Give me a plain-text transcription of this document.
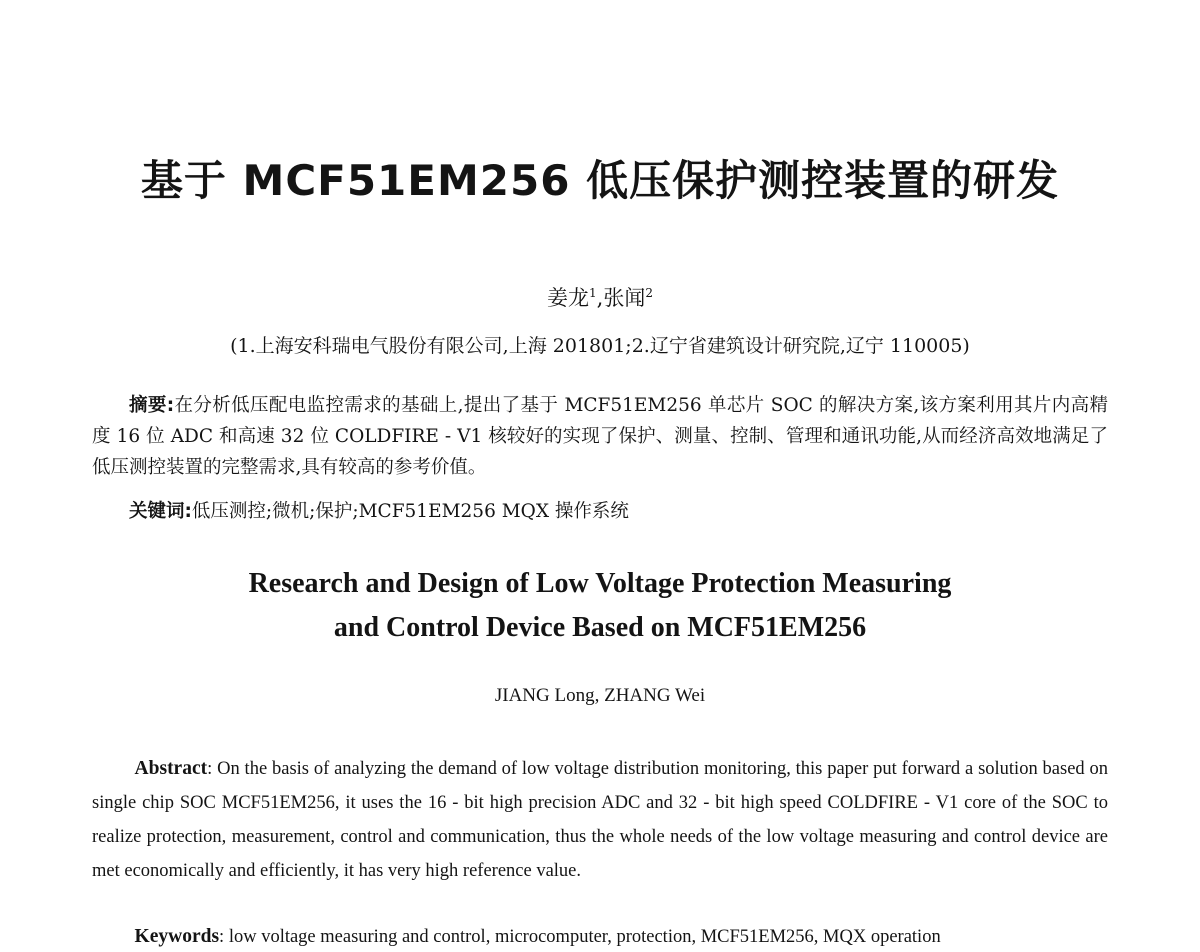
基于 MCF51EM256 低压保护测控装置的研发
姜龙$^1$,张闻$^2$
(1.上海安科瑞电气股份有限公司,上海 201801;2.辽宁省建筑设计研究院,辽宁 110005)

摘要:在分析低压配电监控需求的基础上,提出了基于 MCF51EM256 单芯片 SOC 的解决方案,该方案利用其片内高精度 16 位 ADC 和高速 32 位 COLDFIRE - V1 核较好的实现了保护、测量、控制、管理和通讯功能,从而经济高效地满足了低压测控装置的完整需求,具有较高的参考价值。

关键词:低压测控;微机;保护;MCF51EM256 MQX 操作系统

Research and Design of Low Voltage Protection Measuring
and Control Device Based on MCF51EM256
JIANG Long, ZHANG Wei

Abstract: On the basis of analyzing the demand of low voltage distribution monitoring, this paper put forward a solution based on single chip SOC MCF51EM256, it uses the 16 - bit high precision ADC and 32 - bit high speed COLDFIRE - V1 core of the SOC to realize protection, measurement, control and communication, thus the whole needs of the low voltage measuring and control device are met economically and efficiently, it has very high reference value.

Keywords: low voltage measuring and control, microcomputer, protection, MCF51EM256, MQX operation
